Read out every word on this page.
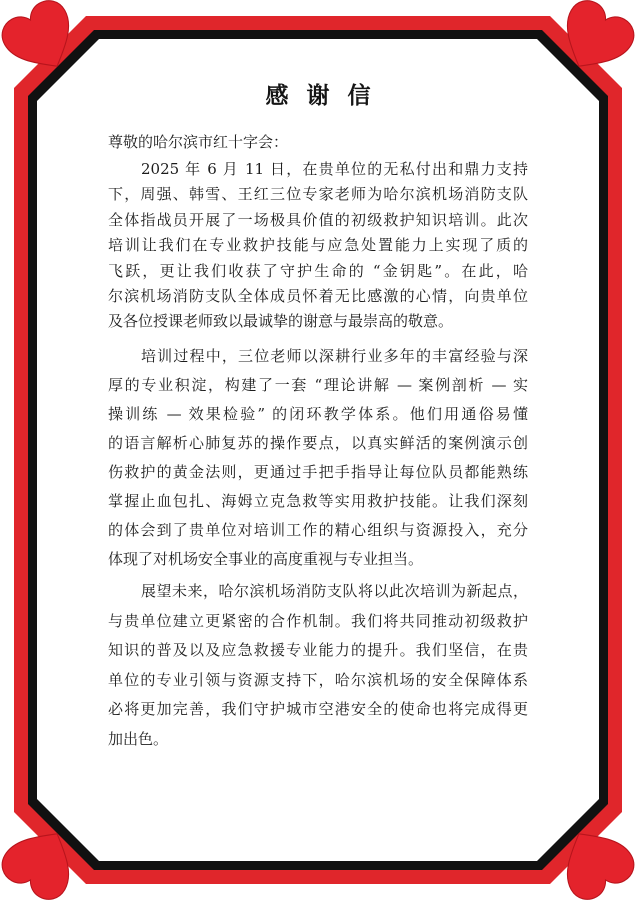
感谢信
尊敬的哈尔滨市红十字会：
2025 年 6 月 11 日，在贵单位的无私付出和鼎力支持
下，周强、韩雪、王红三位专家老师为哈尔滨机场消防支队
全体指战员开展了一场极具价值的初级救护知识培训。此次
培训让我们在专业救护技能与应急处置能力上实现了质的
飞跃，更让我们收获了守护生命的 “金钥匙”。在此，哈
尔滨机场消防支队全体成员怀着无比感激的心情，向贵单位
及各位授课老师致以最诚挚的谢意与最崇高的敬意。
培训过程中，三位老师以深耕行业多年的丰富经验与深
厚的专业积淀，构建了一套 “理论讲解 — 案例剖析 — 实
操训练 — 效果检验” 的闭环教学体系。他们用通俗易懂
的语言解析心肺复苏的操作要点，以真实鲜活的案例演示创
伤救护的黄金法则，更通过手把手指导让每位队员都能熟练
掌握止血包扎、海姆立克急救等实用救护技能。让我们深刻
的体会到了贵单位对培训工作的精心组织与资源投入，充分
体现了对机场安全事业的高度重视与专业担当。
展望未来，哈尔滨机场消防支队将以此次培训为新起点，
与贵单位建立更紧密的合作机制。我们将共同推动初级救护
知识的普及以及应急救援专业能力的提升。我们坚信，在贵
单位的专业引领与资源支持下，哈尔滨机场的安全保障体系
必将更加完善，我们守护城市空港安全的使命也将完成得更
加出色。
